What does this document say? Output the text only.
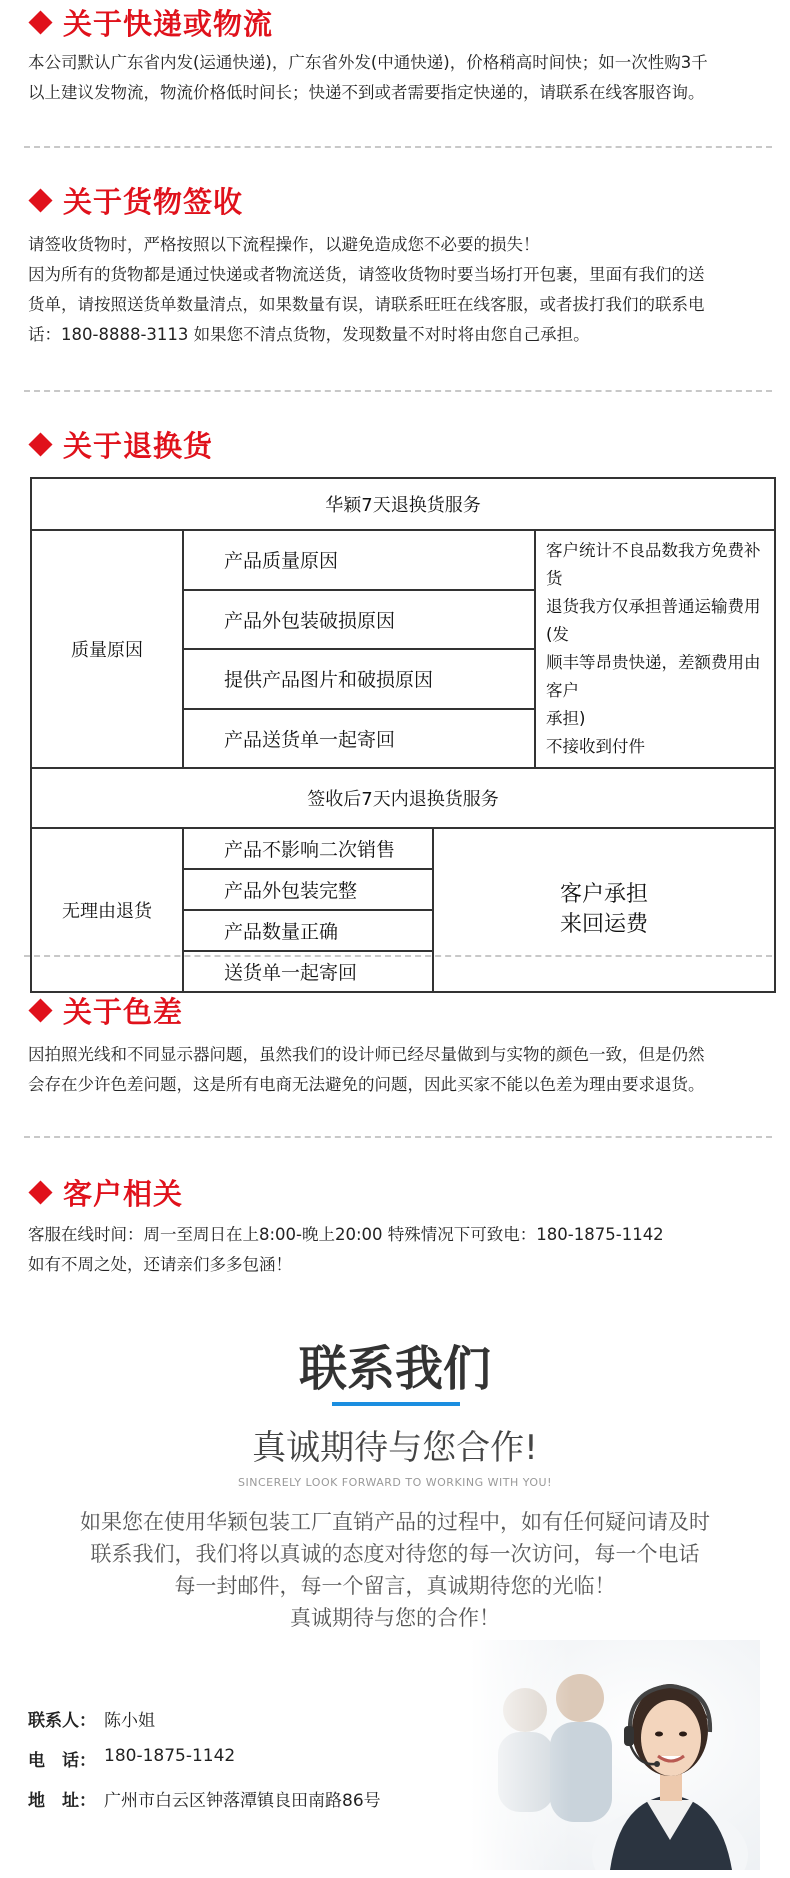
关于快递或物流

本公司默认广东省内发(运通快递)，广东省外发(中通快递)，价格稍高时间快；如一次性购3千

以上建议发物流，物流价格低时间长；快递不到或者需要指定快递的，请联系在线客服咨询。

关于货物签收

请签收货物时，严格按照以下流程操作，以避免造成您不必要的损失！

因为所有的货物都是通过快递或者物流送货，请签收货物时要当场打开包裹，里面有我们的送

货单，请按照送货单数量清点，如果数量有误，请联系旺旺在线客服，或者拔打我们的联系电

话：180-8888-3113 如果您不清点货物，发现数量不对时将由您自己承担。

关于退换货
华颖7天退换货服务			
质量原因	产品质量原因		客户统计不良品数我方免费补货
退货我方仅承担普通运输费用(发
顺丰等昂贵快递，差额费用由客户
承担)
不接收到付件

	产品外包装破损原因		
	提供产品图片和破损原因		
	产品送货单一起寄回		
签收后7天内退换货服务			
无理由退货	产品不影响二次销售	客户承担
来回运费	

	产品外包装完整		
	产品数量正确		
	送货单一起寄回		
关于色差

因拍照光线和不同显示器问题，虽然我们的设计师已经尽量做到与实物的颜色一致，但是仍然

会存在少许色差问题，这是所有电商无法避免的问题，因此买家不能以色差为理由要求退货。

客户相关

客服在线时间：周一至周日在上8:00-晚上20:00 特殊情况下可致电：180-1875-1142

如有不周之处，还请亲们多多包涵！

联系我们
真诚期待与您合作!
SINCERELY LOOK FORWARD TO WORKING WITH YOU!
如果您在使用华颖包装工厂直销产品的过程中，如有任何疑问请及时
联系我们，我们将以真诚的态度对待您的每一次访问，每一个电话
每一封邮件，每一个留言，真诚期待您的光临！
真诚期待与您的合作！
联系人： 陈小姐
电　话： 180-1875-1142
地　址： 广州市白云区钟落潭镇良田南路86号
